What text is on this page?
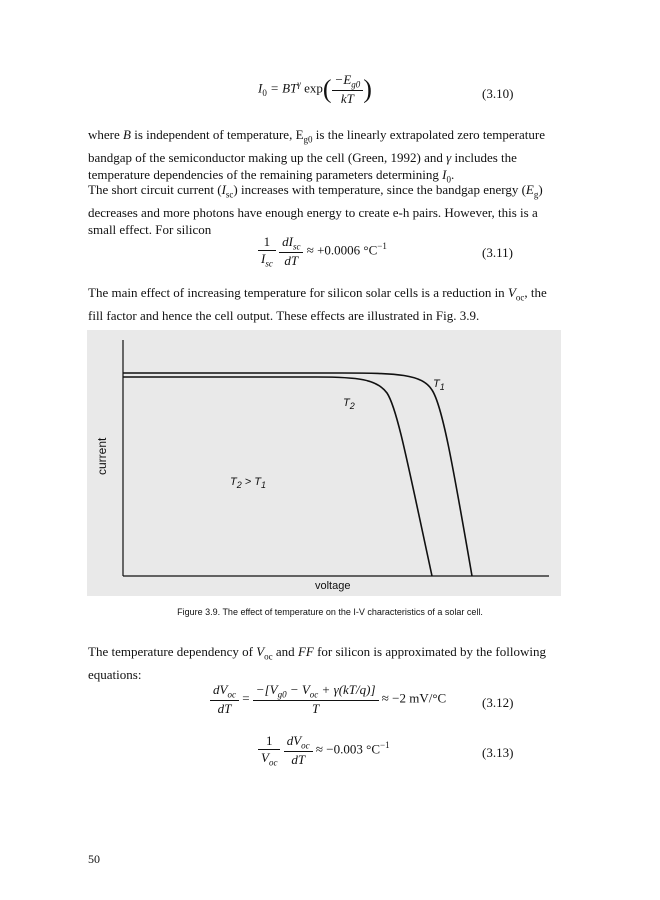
$I_0 = BT^\gamma$ $\exp( \frac{-E_{g0}}{kT}$ )	(3.10)
where B is independent of temperature, $E_{g0}$ is the linearly extrapolated zero temperature bandgap of the semiconductor making up the cell (Green, 1992) and γ includes the temperature dependencies of the remaining parameters determining $I_0$.
The short circuit current $(I_{sc})$ increases with temperature, since the bandgap energy $(E_g)$ decreases and more photons have enough energy to create e-h pairs. However, this is a small effect. For silicon
$\frac{1}{I_{sc}}$
$\frac{dI_{sc}}{dT} \approx +0.0006$ $^\circ C^{-1}$	(3.11)
The main effect of increasing temperature for silicon solar cells is a reduction in $V_{oc}$, the fill factor and hence the cell output. These effects are illustrated in Fig. 3.9.
current
voltage
$T_1$
$T_2$
$T_2 > T_1$
Figure 3.9. The effect of temperature on the I-V characteristics of a solar cell.
The temperature dependency of $V_{oc}$ and FF for silicon is approximated by the following equations:
$\frac{dV_{oc}}{dT} = \frac{-[V_{g0} - V_{oc} + \gamma(kT/q)]}{T} \approx -2$ mV/°C	(3.12)
$\frac{1}{V_{oc}}$
$\frac{dV_{oc}}{dT} \approx -0.003$ $^\circ C^{-1}$
(3.13)
50
